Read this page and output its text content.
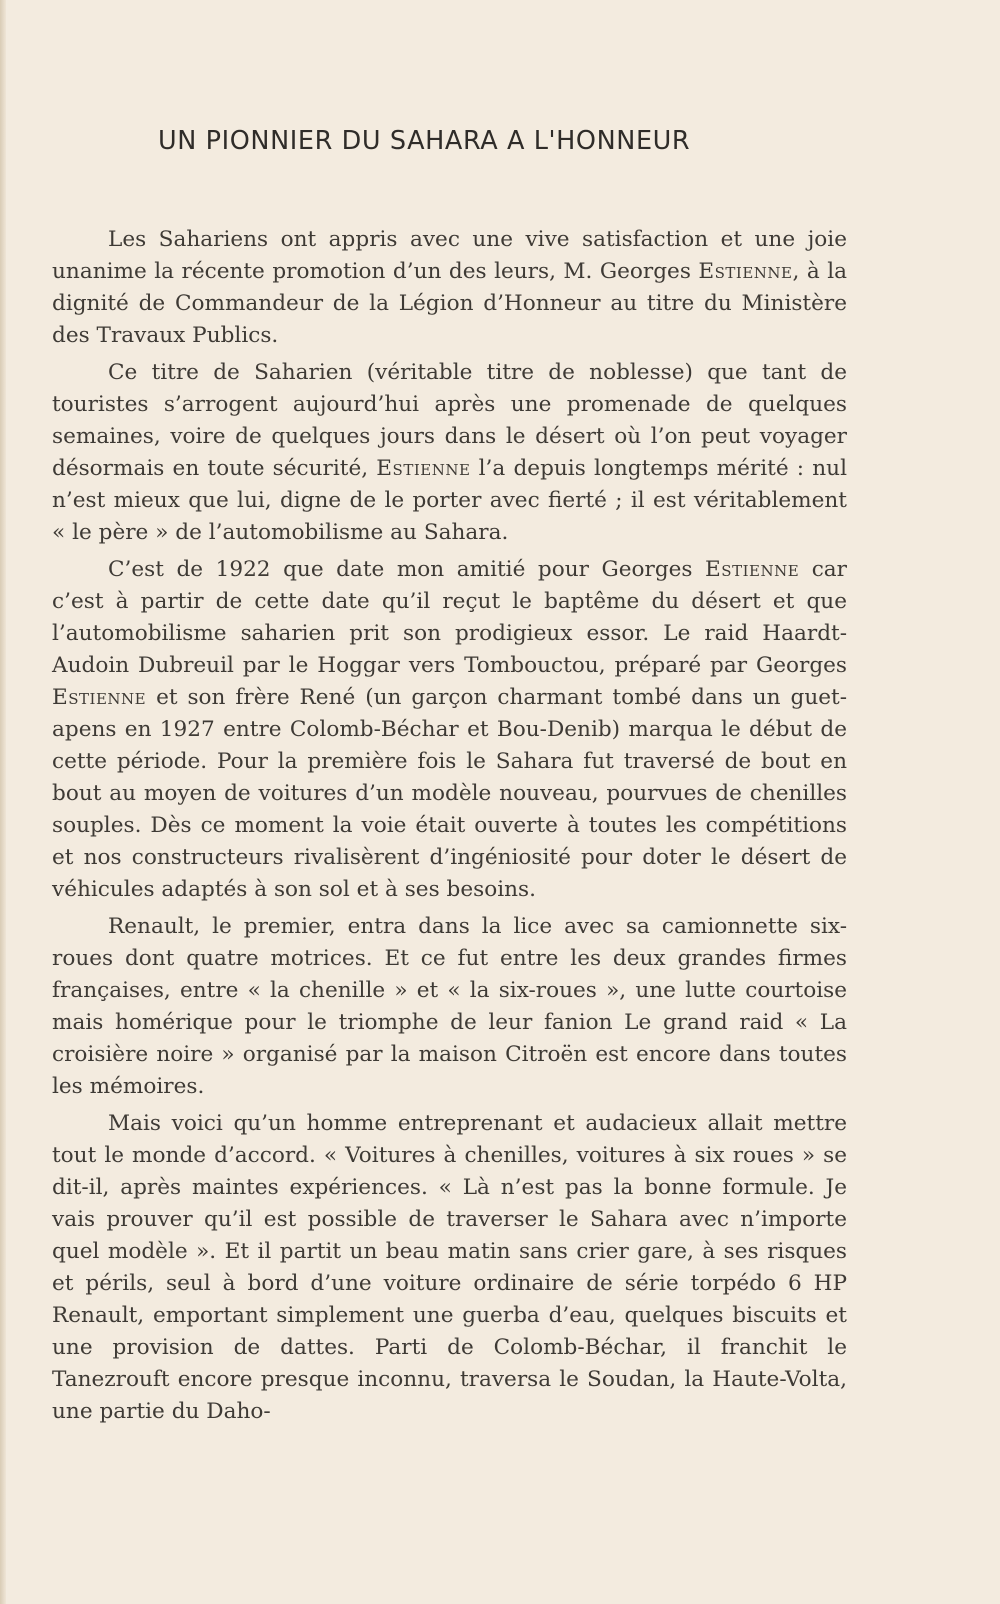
UN PIONNIER DU SAHARA A L'HONNEUR

Les Sahariens ont appris avec une vive satisfaction et une joie unanime la récente promotion d’un des leurs, M. Georges Estienne, à la dignité de Commandeur de la Légion d’Honneur au titre du Ministère des Travaux Publics.

Ce titre de Saharien (véritable titre de noblesse) que tant de touristes s’arrogent aujourd’hui après une promenade de quelques semaines, voire de quelques jours dans le désert où l’on peut voyager désormais en toute sécurité, Estienne l’a depuis longtemps mérité : nul n’est mieux que lui, digne de le porter avec fierté ; il est véritablement « le père » de l’automobilisme au Sahara.

C’est de 1922 que date mon amitié pour Georges Estienne car c’est à partir de cette date qu’il reçut le baptême du désert et que l’automobilisme saharien prit son prodigieux essor. Le raid Haardt-Audoin Dubreuil par le Hoggar vers Tombouctou, préparé par Georges Estienne et son frère René (un garçon charmant tombé dans un guet-apens en 1927 entre Colomb-Béchar et Bou-Denib) marqua le début de cette période. Pour la première fois le Sahara fut traversé de bout en bout au moyen de voitures d’un modèle nouveau, pourvues de chenilles souples. Dès ce moment la voie était ouverte à toutes les compétitions et nos constructeurs rivalisèrent d’ingéniosité pour doter le désert de véhicules adaptés à son sol et à ses besoins.

Renault, le premier, entra dans la lice avec sa camionnette six-roues dont quatre motrices. Et ce fut entre les deux grandes firmes françaises, entre « la chenille » et « la six-roues », une lutte courtoise mais homérique pour le triomphe de leur fanion Le grand raid « La croisière noire » organisé par la maison Citroën est encore dans toutes les mémoires.

Mais voici qu’un homme entreprenant et audacieux allait mettre tout le monde d’accord. « Voitures à chenilles, voitures à six roues » se dit-il, après maintes expériences. « Là n’est pas la bonne formule. Je vais prouver qu’il est possible de traverser le Sahara avec n’importe quel modèle ». Et il partit un beau matin sans crier gare, à ses risques et périls, seul à bord d’une voiture ordinaire de série torpédo 6 HP Renault, emportant simplement une guerba d’eau, quelques biscuits et une provision de dattes. Parti de Colomb-Béchar, il franchit le Tanezrouft encore presque inconnu, traversa le Soudan, la Haute-Volta, une partie du Daho-
